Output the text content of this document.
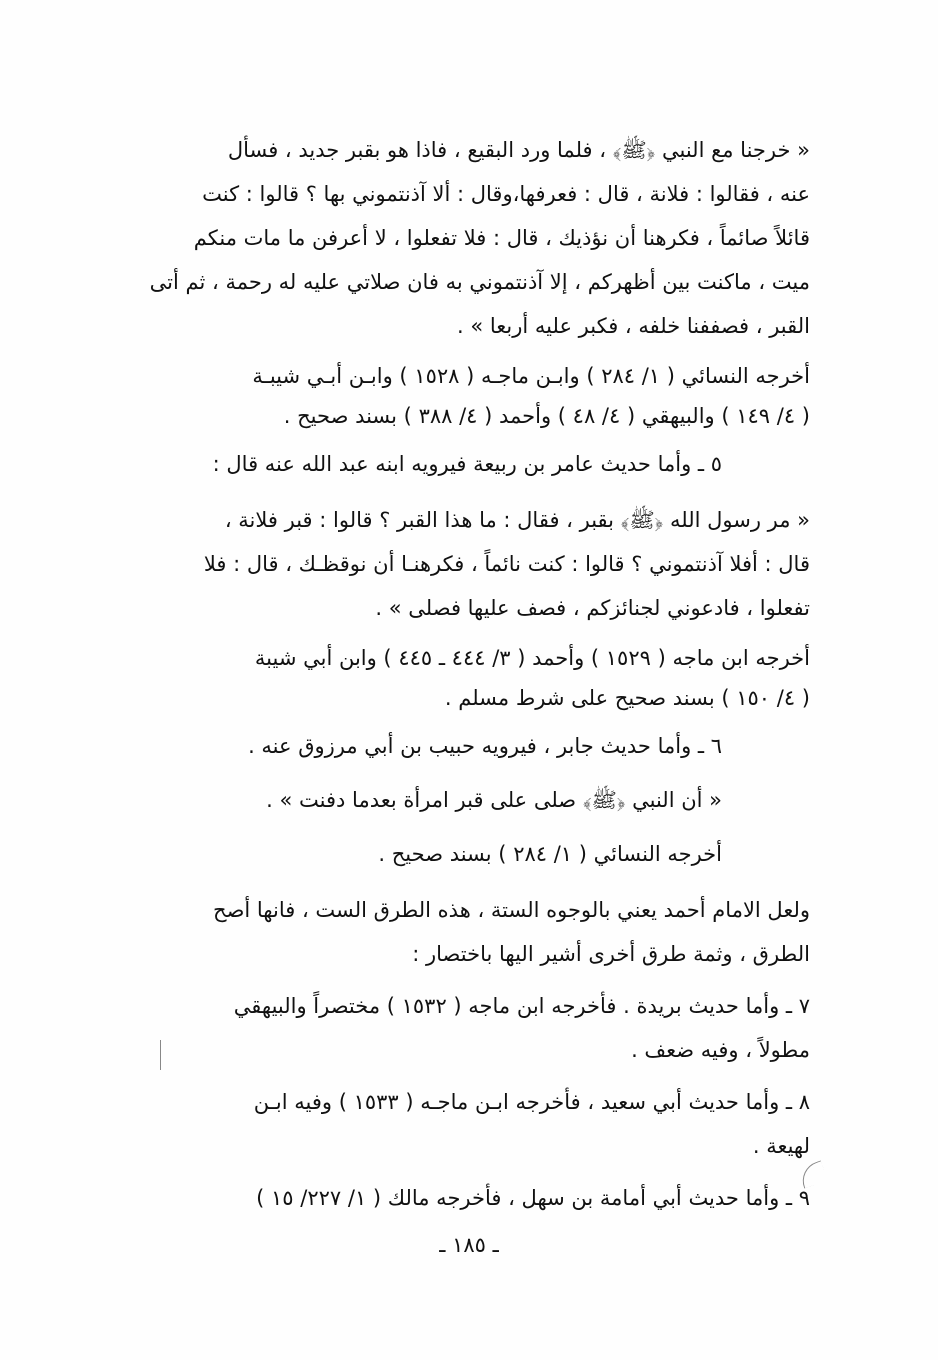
« خرجنا مع النبي ﴿ﷺ﴾ ، فلما ورد البقيع ، فاذا هو بقبر جديد ، فسأل
عنه ، فقالوا : فلانة ، قال : فعرفها،وقال : ألا آذنتموني بها ؟ قالوا : كنت
قائلاً صائماً ، فكرهنا أن نؤذيك ، قال : فلا تفعلوا ، لا أعرفن ما مات منكم
ميت ، ماكنت بين أظهركم ، إلا آذنتموني به فان صلاتي عليه له رحمة ، ثم أتى
القبر ، فصففنا خلفه ، فكبر عليه أربعا » .

أخرجه النسائي ( ١/ ٢٨٤ ) وابـن ماجـه ( ١٥٢٨ ) وابـن أبـي شيبـة
( ٤/ ١٤٩ ) والبيهقي ( ٤/ ٤٨ ) وأحمد ( ٤/ ٣٨٨ ) بسند صحيح .

٥ ـ وأما حديث عامر بن ربيعة فيرويه ابنه عبد الله عنه قال :

« مر رسول الله ﴿ﷺ﴾ بقبر ، فقال : ما هذا القبر ؟ قالوا : قبر فلانة ،
قال : أفلا آذنتموني ؟ قالوا : كنت نائماً ، فكرهنـا أن نوقظـك ، قال : فلا
تفعلوا ، فادعوني لجنائزكم ، فصف عليها فصلى » .

أخرجه ابن ماجه ( ١٥٢٩ ) وأحمد ( ٣/ ٤٤٤ ـ ٤٤٥ ) وابن أبي شيبة
( ٤/ ١٥٠ ) بسند صحيح على شرط مسلم .

٦ ـ وأما حديث جابر ، فيرويه حبيب بن أبي مرزوق عنه .

« أن النبي ﴿ﷺ﴾ صلى على قبر امرأة بعدما دفنت » .

أخرجه النسائي ( ١/ ٢٨٤ ) بسند صحيح .

ولعل الامام أحمد يعني بالوجوه الستة ، هذه الطرق الست ، فانها أصح
الطرق ، وثمة طرق أخرى أشير اليها باختصار :

٧ ـ وأما حديث بريدة . فأخرجه ابن ماجه ( ١٥٣٢ ) مختصراً والبيهقي
مطولاً ، وفيه ضعف .

٨ ـ وأما حديث أبي سعيد ، فأخرجه ابـن ماجـه ( ١٥٣٣ ) وفيه ابـن
لهيعة .

٩ ـ وأما حديث أبي أمامة بن سهل ، فأخرجه مالك ( ١/ ٢٢٧/ ١٥ )

ـ ١٨٥ ـ
